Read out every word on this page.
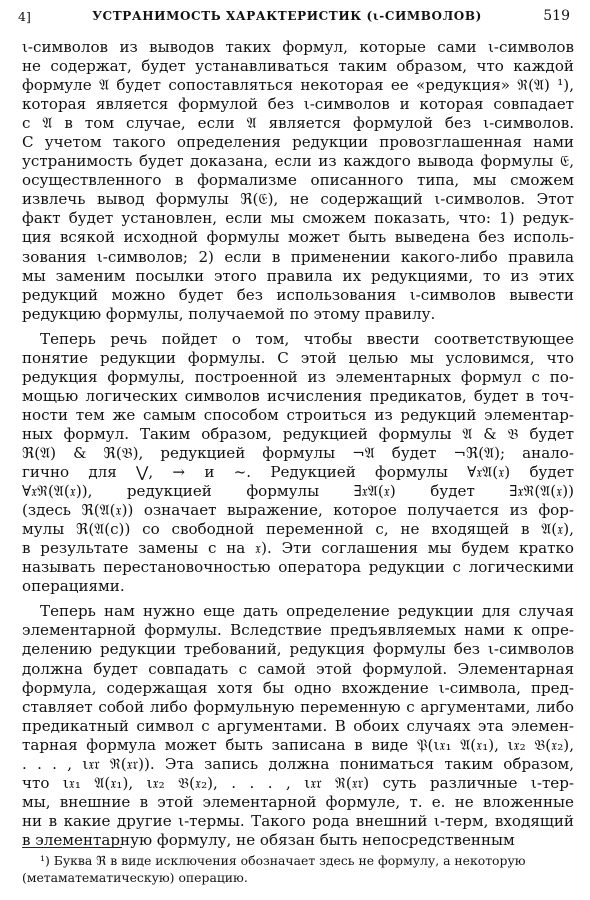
4]	УСТРАНИМОСТЬ ХАРАКТЕРИСТИК (ι-СИМВОЛОВ)	519
ι-символов из выводов таких формул, которые сами ι-символов
не содержат, будет устанавливаться таким образом, что каждой
формуле 𝔄 будет сопоставляться некоторая ее «редукция» ℜ(𝔄) ¹),
которая является формулой без ι-символов и которая совпадает
с 𝔄 в том случае, если 𝔄 является формулой без ι-символов.
С учетом такого определения редукции провозглашенная нами
устранимость будет доказана, если из каждого вывода формулы 𝔈,
осуществленного в формализме описанного типа, мы сможем
извлечь вывод формулы ℜ(𝔈), не содержащий ι-символов. Этот
факт будет установлен, если мы сможем показать, что: 1) редук-
ция всякой исходной формулы может быть выведена без исполь-
зования ι-символов; 2) если в применении какого-либо правила
мы заменим посылки этого правила их редукциями, то из этих
редукций можно будет без использования ι-символов вывести
редукцию формулы, получаемой по этому правилу.
Теперь речь пойдет о том, чтобы ввести соответствующее
понятие редукции формулы. С этой целью мы условимся, что
редукция формулы, построенной из элементарных формул с по-
мощью логических символов исчисления предикатов, будет в точ-
ности тем же самым способом строиться из редукций элементар-
ных формул. Таким образом, редукцией формулы 𝔄 & 𝔅 будет
ℜ(𝔄) & ℜ(𝔅), редукцией формулы ¬𝔄 будет ¬ℜ(𝔄); анало-
гично для ⋁, → и ~. Редукцией формулы ∀𝔵𝔄(𝔵) будет
∀𝔵ℜ(𝔄(𝔵)), редукцией формулы ∃𝔵𝔄(𝔵) будет ∃𝔵ℜ(𝔄(𝔵))
(здесь ℜ(𝔄(𝔵)) означает выражение, которое получается из фор-
мулы ℜ(𝔄(c)) со свободной переменной c, не входящей в 𝔄(𝔵),
в результате замены c на 𝔵). Эти соглашения мы будем кратко
называть перестановочностью оператора редукции с логическими
операциями.
Теперь нам нужно еще дать определение редукции для случая
элементарной формулы. Вследствие предъявляемых нами к опре-
делению редукции требований, редукция формулы без ι-символов
должна будет совпадать с самой этой формулой. Элементарная
формула, содержащая хотя бы одно вхождение ι-символа, пред-
ставляет собой либо формульную переменную с аргументами, либо
предикатный символ с аргументами. В обоих случаях эта элемен-
тарная формула может быть записана в виде 𝔓(ι𝔵₁ 𝔄(𝔵₁), ι𝔵₂ 𝔅(𝔵₂),
. . . , ι𝔵𝔯 ℜ(𝔵𝔯)). Эта запись должна пониматься таким образом,
что ι𝔵₁ 𝔄(𝔵₁), ι𝔵₂ 𝔅(𝔵₂), . . . , ι𝔵𝔯 ℜ(𝔵𝔯) суть различные ι-тер-
мы, внешние в этой элементарной формуле, т. е. не вложенные
ни в какие другие ι-термы. Такого рода внешний ι-терм, входящий
в элементарную формулу, не обязан быть непосредственным
¹) Буква ℜ в виде исключения обозначает здесь не формулу, а некоторую
(метаматематическую) операцию.
